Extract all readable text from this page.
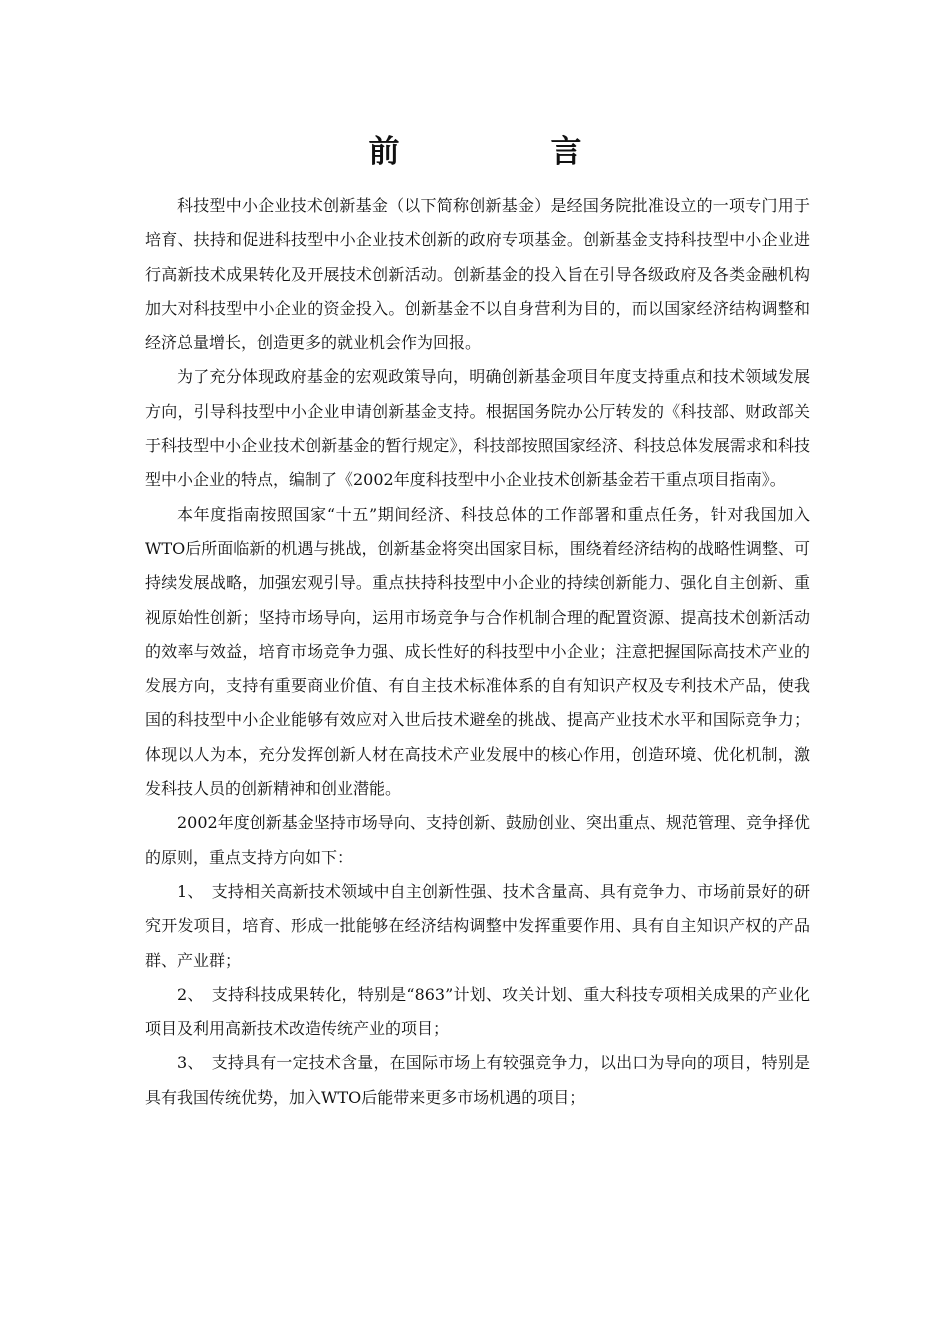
前　言

科技型中小企业技术创新基金（以下简称创新基金）是经国务院批准设立的一项专门用于培育、扶持和促进科技型中小企业技术创新的政府专项基金。创新基金支持科技型中小企业进行高新技术成果转化及开展技术创新活动。创新基金的投入旨在引导各级政府及各类金融机构加大对科技型中小企业的资金投入。创新基金不以自身营利为目的，而以国家经济结构调整和经济总量增长，创造更多的就业机会作为回报。

为了充分体现政府基金的宏观政策导向，明确创新基金项目年度支持重点和技术领域发展方向，引导科技型中小企业申请创新基金支持。根据国务院办公厅转发的《科技部、财政部关于科技型中小企业技术创新基金的暂行规定》，科技部按照国家经济、科技总体发展需求和科技型中小企业的特点，编制了《2002年度科技型中小企业技术创新基金若干重点项目指南》。

本年度指南按照国家“十五”期间经济、科技总体的工作部署和重点任务，针对我国加入WTO后所面临新的机遇与挑战，创新基金将突出国家目标，围绕着经济结构的战略性调整、可持续发展战略，加强宏观引导。重点扶持科技型中小企业的持续创新能力、强化自主创新、重视原始性创新；坚持市场导向，运用市场竞争与合作机制合理的配置资源、提高技术创新活动的效率与效益，培育市场竞争力强、成长性好的科技型中小企业；注意把握国际高技术产业的发展方向，支持有重要商业价值、有自主技术标准体系的自有知识产权及专利技术产品，使我国的科技型中小企业能够有效应对入世后技术避垒的挑战、提高产业技术水平和国际竞争力；体现以人为本，充分发挥创新人材在高技术产业发展中的核心作用，创造环境、优化机制，激发科技人员的创新精神和创业潜能。

2002年度创新基金坚持市场导向、支持创新、鼓励创业、突出重点、规范管理、竞争择优的原则，重点支持方向如下：

1、　支持相关高新技术领域中自主创新性强、技术含量高、具有竞争力、市场前景好的研究开发项目，培育、形成一批能够在经济结构调整中发挥重要作用、具有自主知识产权的产品群、产业群；

2、　支持科技成果转化，特别是“863”计划、攻关计划、重大科技专项相关成果的产业化项目及利用高新技术改造传统产业的项目；

3、　支持具有一定技术含量，在国际市场上有较强竞争力，以出口为导向的项目，特别是具有我国传统优势，加入WTO后能带来更多市场机遇的项目；
